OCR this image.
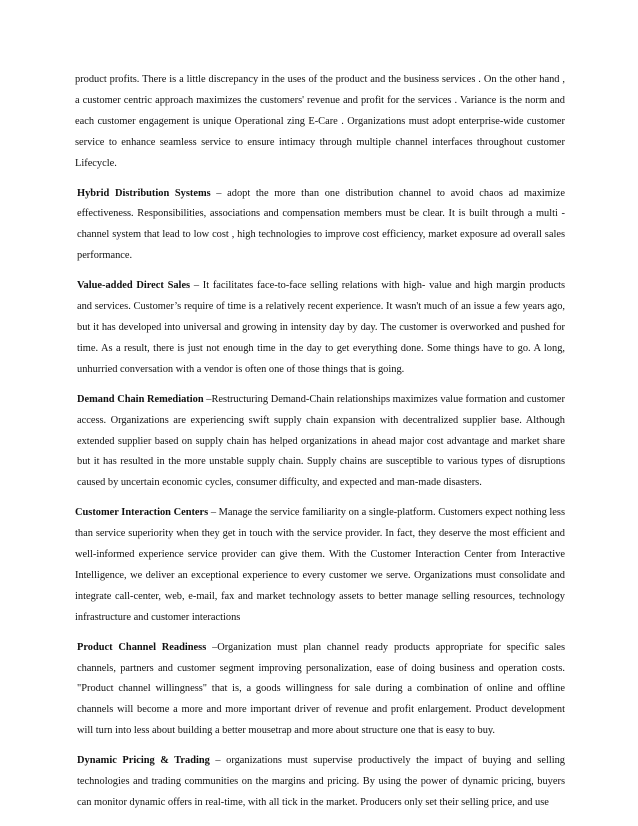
product profits. There is a little discrepancy in the uses of the product and the business services . On the other hand , a customer centric approach maximizes the customers' revenue and profit for the services . Variance is the norm and each customer engagement is unique Operational zing E-Care . Organizations must adopt enterprise-wide customer service to enhance seamless service to ensure intimacy through multiple channel interfaces throughout customer Lifecycle.

Hybrid Distribution Systems – adopt the more than one distribution channel to avoid chaos ad maximize effectiveness. Responsibilities, associations and compensation members must be clear. It is built through a multi - channel system that lead to low cost , high technologies to improve cost efficiency, market exposure ad overall sales performance.

Value-added Direct Sales – It facilitates face-to-face selling relations with high- value and high margin products and services. Customer’s require of time is a relatively recent experience. It wasn't much of an issue a few years ago, but it has developed into universal and growing in intensity day by day. The customer is overworked and pushed for time. As a result, there is just not enough time in the day to get everything done. Some things have to go. A long, unhurried conversation with a vendor is often one of those things that is going.

Demand Chain Remediation –Restructuring Demand-Chain relationships maximizes value formation and customer access. Organizations are experiencing swift supply chain expansion with decentralized supplier base. Although extended supplier based on supply chain has helped organizations in ahead major cost advantage and market share but it has resulted in the more unstable supply chain. Supply chains are susceptible to various types of disruptions caused by uncertain economic cycles, consumer difficulty, and expected and man-made disasters.

Customer Interaction Centers – Manage the service familiarity on a single-platform. Customers expect nothing less than service superiority when they get in touch with the service provider. In fact, they deserve the most efficient and well-informed experience service provider can give them. With the Customer Interaction Center from Interactive Intelligence, we deliver an exceptional experience to every customer we serve. Organizations must consolidate and integrate call-center, web, e-mail, fax and market technology assets to better manage selling resources, technology infrastructure and customer interactions

Product Channel Readiness –Organization must plan channel ready products appropriate for specific sales channels, partners and customer segment improving personalization, ease of doing business and operation costs. "Product channel willingness" that is, a goods willingness for sale during a combination of online and offline channels will become a more and more important driver of revenue and profit enlargement. Product development will turn into less about building a better mousetrap and more about structure one that is easy to buy.

Dynamic Pricing & Trading – organizations must supervise productively the impact of buying and selling technologies and trading communities on the margins and pricing. By using the power of dynamic pricing, buyers can monitor dynamic offers in real-time, with all tick in the market. Producers only set their selling price, and use
